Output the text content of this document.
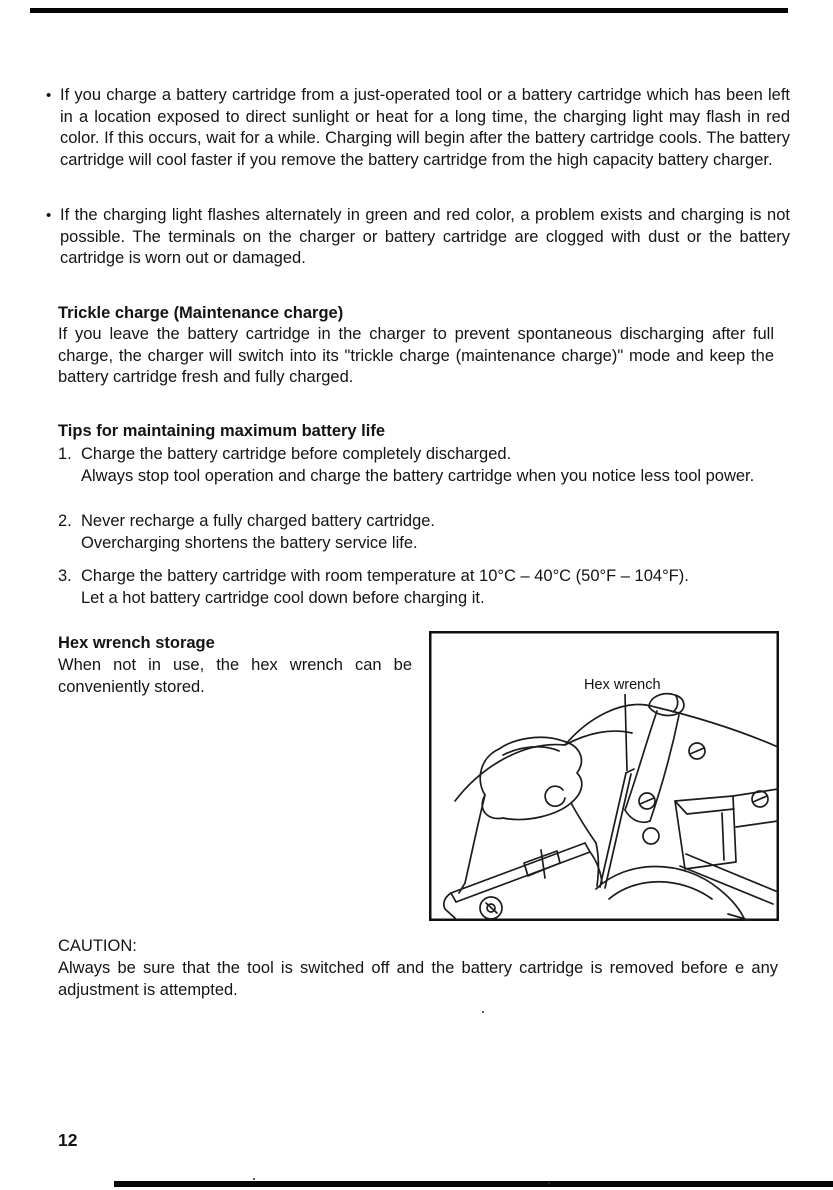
• If you charge a battery cartridge from a just-operated tool or a battery cartridge which has been left in a location exposed to direct sunlight or heat for a long time, the charging light may flash in red color. If this occurs, wait for a while. Charging will begin after the battery cartridge cools. The battery cartridge will cool faster if you remove the battery cartridge from the high capacity battery charger.
• If the charging light flashes alternately in green and red color, a problem exists and charging is not possible. The terminals on the charger or battery cartridge are clogged with dust or the battery cartridge is worn out or damaged.
Trickle charge (Maintenance charge)
If you leave the battery cartridge in the charger to prevent spontaneous discharging after full charge, the charger will switch into its "trickle charge (maintenance charge)" mode and keep the battery cartridge fresh and fully charged.
Tips for maintaining maximum battery life
1. Charge the battery cartridge before completely discharged.
Always stop tool operation and charge the battery cartridge when you notice less tool power.
2. Never recharge a fully charged battery cartridge.
Overcharging shortens the battery service life.
3. Charge the battery cartridge with room temperature at 10°C – 40°C (50°F – 104°F).
Let a hot battery cartridge cool down before charging it.
Hex wrench storage
When not in use, the hex wrench can be conveniently stored.	Hex wrench
CAUTION:
Always be sure that the tool is switched off and the battery cartridge is removed before e any adjustment is attempted.
12
